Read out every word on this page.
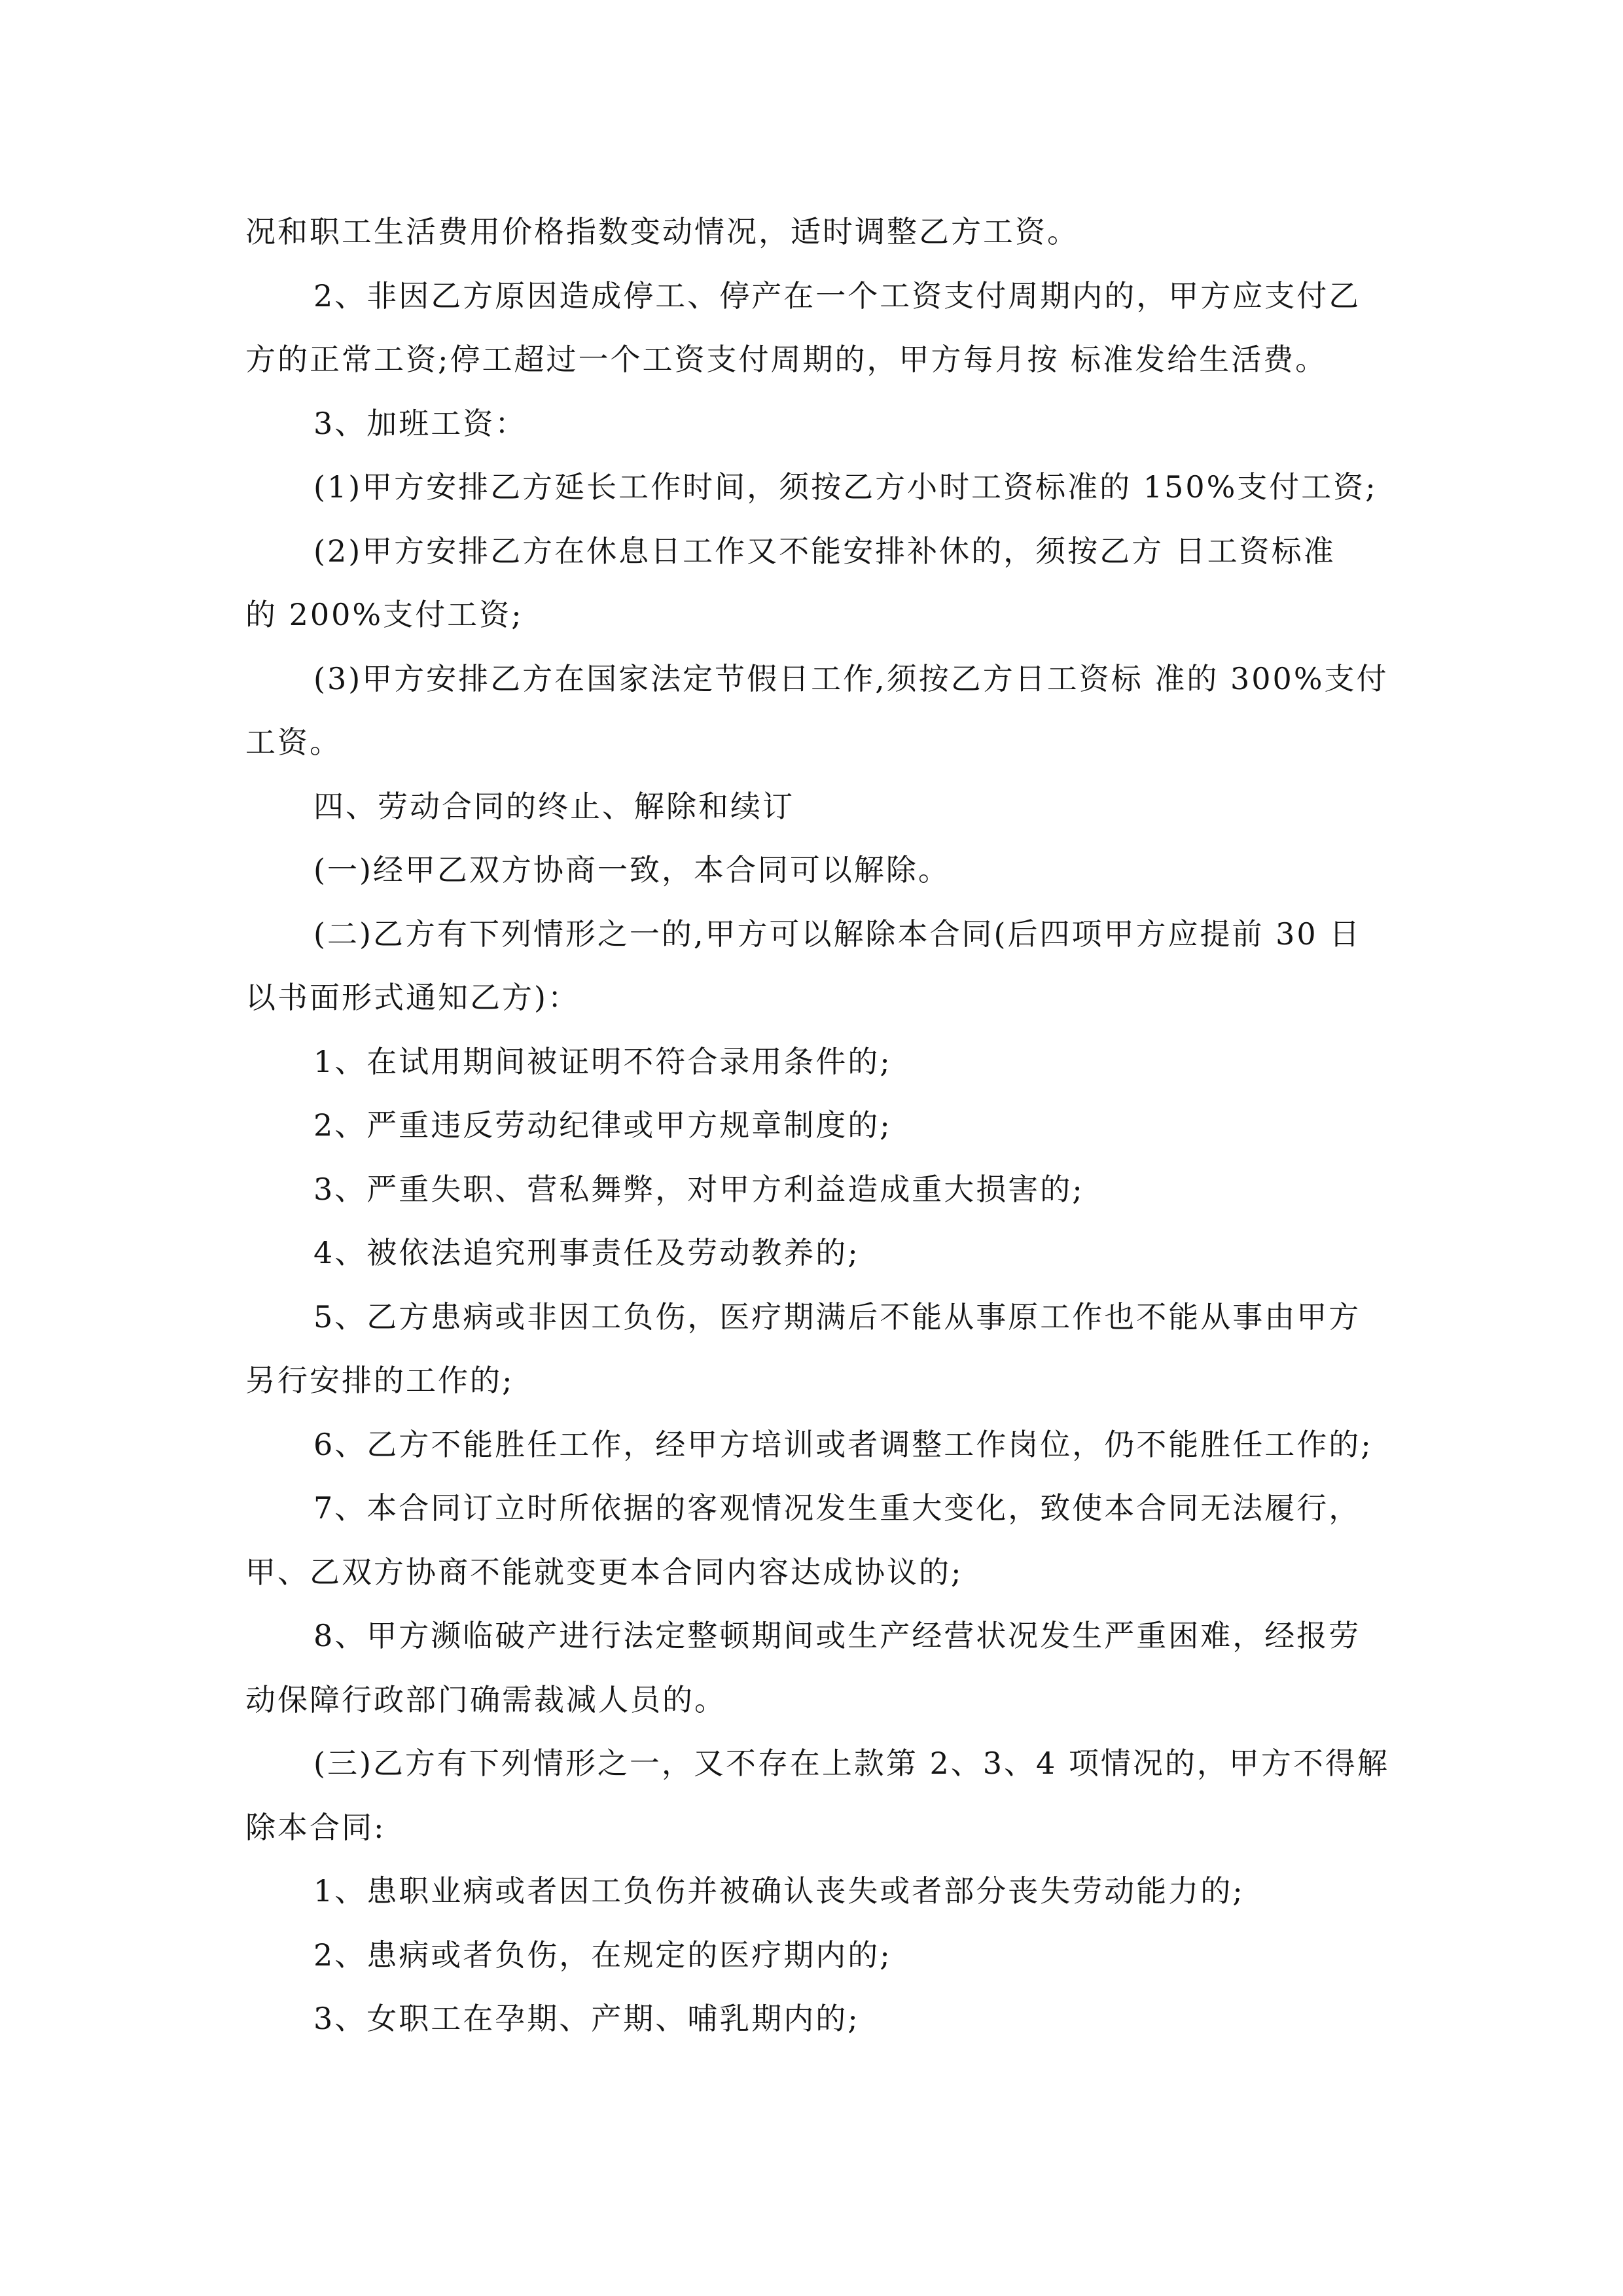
况和职工生活费用价格指数变动情况，适时调整乙方工资。
2、非因乙方原因造成停工、停产在一个工资支付周期内的，甲方应支付乙
方的正常工资;停工超过一个工资支付周期的，甲方每月按 标准发给生活费。
3、加班工资：
(1)甲方安排乙方延长工作时间，须按乙方小时工资标准的 150%支付工资;
(2)甲方安排乙方在休息日工作又不能安排补休的，须按乙方 日工资标准
的 200%支付工资;
(3)甲方安排乙方在国家法定节假日工作,须按乙方日工资标 准的 300%支付
工资。
四、劳动合同的终止、解除和续订
(一)经甲乙双方协商一致，本合同可以解除。
(二)乙方有下列情形之一的,甲方可以解除本合同(后四项甲方应提前 30 日
以书面形式通知乙方)：
1、在试用期间被证明不符合录用条件的;
2、严重违反劳动纪律或甲方规章制度的;
3、严重失职、营私舞弊，对甲方利益造成重大损害的;
4、被依法追究刑事责任及劳动教养的;
5、乙方患病或非因工负伤，医疗期满后不能从事原工作也不能从事由甲方
另行安排的工作的;
6、乙方不能胜任工作，经甲方培训或者调整工作岗位，仍不能胜任工作的;
7、本合同订立时所依据的客观情况发生重大变化，致使本合同无法履行，
甲、乙双方协商不能就变更本合同内容达成协议的;
8、甲方濒临破产进行法定整顿期间或生产经营状况发生严重困难，经报劳
动保障行政部门确需裁减人员的。
(三)乙方有下列情形之一，又不存在上款第 2、3、4 项情况的，甲方不得解
除本合同:
1、患职业病或者因工负伤并被确认丧失或者部分丧失劳动能力的;
2、患病或者负伤，在规定的医疗期内的;
3、女职工在孕期、产期、哺乳期内的;
